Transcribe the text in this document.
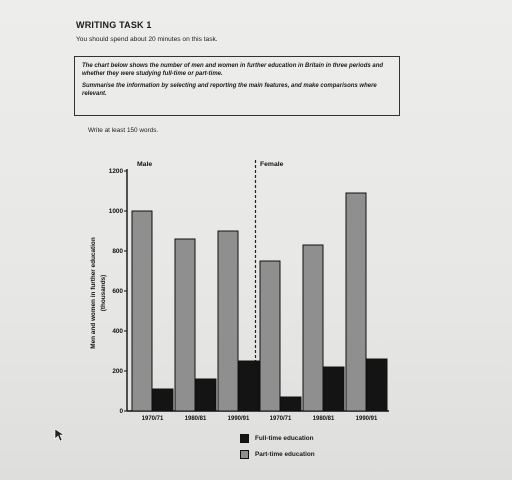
WRITING TASK 1
You should spend about 20 minutes on this task.

The chart below shows the number of men and women in further education in Britain in three periods and whether they were studying full-time or part-time.

Summarise the information by selecting and reporting the main features, and make comparisons where relevant.

Write at least 150 words.
0
200
400
600
800
1000
1200
Men and women in further education (thousands)
Male
1970/71	1980/81	1990/91
Female
1970/71	1980/81	1990/91
Full-time education
Part-time education
